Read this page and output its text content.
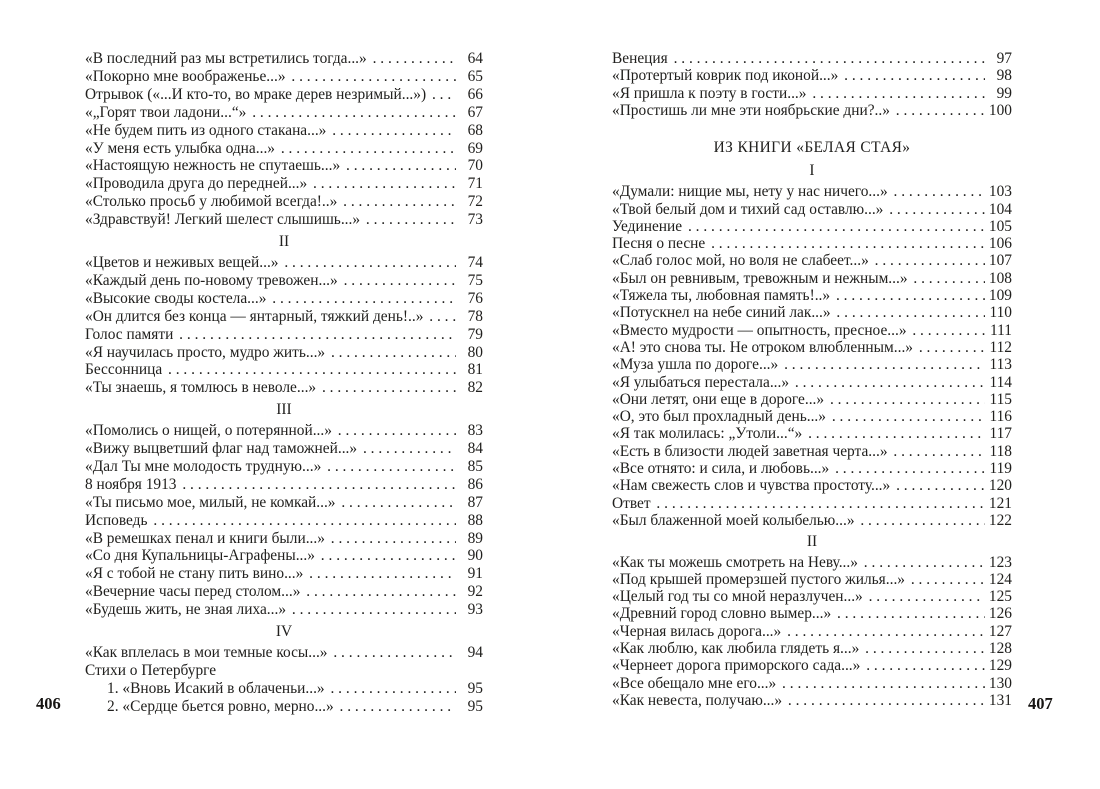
406	407
«В последний раз мы встретились тогда...» . . .	64
«Покорно мне воображенье...» . . .	65
Отрывок («...И кто-то, во мраке дерев незримый...») . . .	66
«„Горят твои ладони...“» . . .	67
«Не будем пить из одного стакана...» . . .	68
«У меня есть улыбка одна...» . . .	69
«Настоящую нежность не спутаешь...» . . .	70
«Проводила друга до передней...» . . .	71
«Столько просьб у любимой всегда!..» . . .	72
«Здравствуй! Легкий шелест слышишь...» . . .	73
II
«Цветов и неживых вещей...» . . .	74
«Каждый день по-новому тревожен...» . . .	75
«Высокие своды костела...» . . .	76
«Он длится без конца — янтарный, тяжкий день!..» . . .	78
Голос памяти . . .	79
«Я научилась просто, мудро жить...» . . .	80
Бессонница . . .	81
«Ты знаешь, я томлюсь в неволе...» . . .	82
III
«Помолись о нищей, о потерянной...» . . .	83
«Вижу выцветший флаг над таможней...» . . .	84
«Дал Ты мне молодость трудную...» . . .	85
8 ноября 1913 . . .	86
«Ты письмо мое, милый, не комкай...» . . .	87
Исповедь . . .	88
«В ремешках пенал и книги были...» . . .	89
«Со дня Купальницы-Аграфены...» . . .	90
«Я с тобой не стану пить вино...» . . .	91
«Вечерние часы перед столом...» . . .	92
«Будешь жить, не зная лиха...» . . .	93
IV
«Как вплелась в мои темные косы...» . . .	94
Стихи о Петербурге
1. «Вновь Исакий в облаченьи...» . . .	95
2. «Сердце бьется ровно, мерно...» . . .	95
Венеция . . .	97
«Протертый коврик под иконой...» . . .	98
«Я пришла к поэту в гости...» . . .	99
«Простишь ли мне эти ноябрьские дни?..» . . .	100
ИЗ КНИГИ «БЕЛАЯ СТАЯ»
I
«Думали: нищие мы, нету у нас ничего...» . . .	103
«Твой белый дом и тихий сад оставлю...» . . .	104
Уединение . . .	105
Песня о песне . . .	106
«Слаб голос мой, но воля не слабеет...» . . .	107
«Был он ревнивым, тревожным и нежным...» . . .	108
«Тяжела ты, любовная память!..» . . .	109
«Потускнел на небе синий лак...» . . .	110
«Вместо мудрости — опытность, пресное...» . . .	111
«А! это снова ты. Не отроком влюбленным...» . . .	112
«Муза ушла по дороге...» . . .	113
«Я улыбаться перестала...» . . .	114
«Они летят, они еще в дороге...» . . .	115
«О, это был прохладный день...» . . .	116
«Я так молилась: „Утоли...“» . . .	117
«Есть в близости людей заветная черта...» . . .	118
«Все отнято: и сила, и любовь...» . . .	119
«Нам свежесть слов и чувства простоту...» . . .	120
Ответ . . .	121
«Был блаженной моей колыбелью...» . . .	122
II
«Как ты можешь смотреть на Неву...» . . .	123
«Под крышей промерзшей пустого жилья...» . . .	124
«Целый год ты со мной неразлучен...» . . .	125
«Древний город словно вымер...» . . .	126
«Черная вилась дорога...» . . .	127
«Как люблю, как любила глядеть я...» . . .	128
«Чернеет дорога приморского сада...» . . .	129
«Все обещало мне его...» . . .	130
«Как невеста, получаю...» . . .	131
